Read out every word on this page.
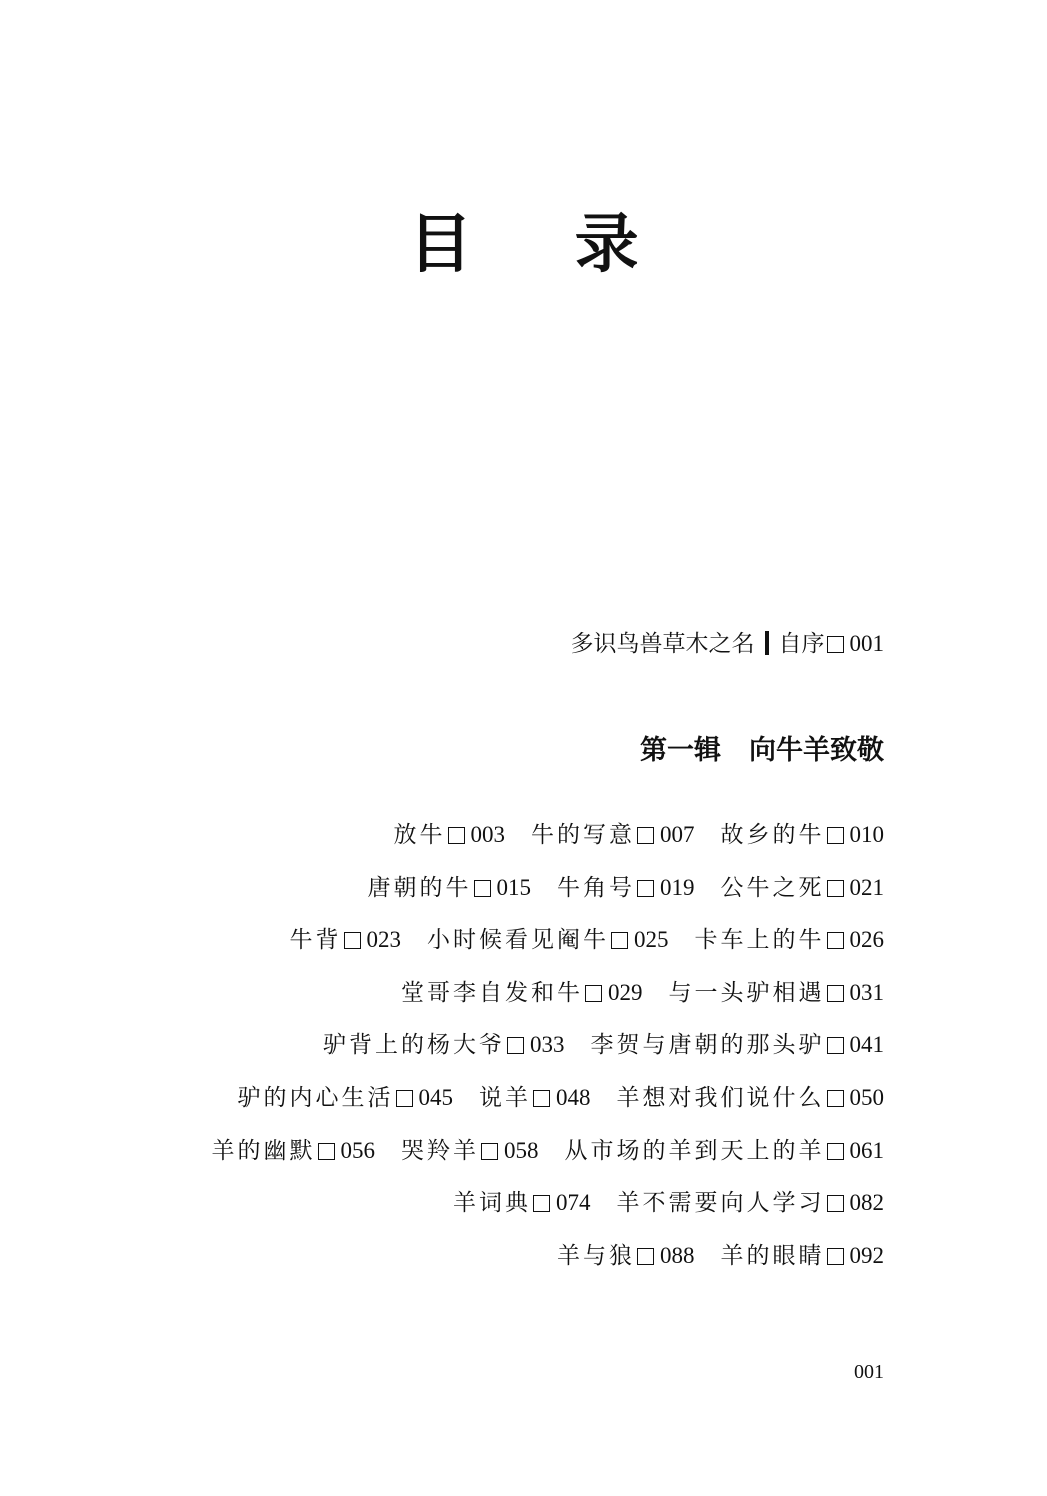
目 录
多识鸟兽草木之名 自序 001
第一辑 向牛羊致敬
放牛 003 牛的写意 007 故乡的牛 010
唐朝的牛 015 牛角号 019 公牛之死 021
牛背 023 小时候看见阉牛 025 卡车上的牛 026
堂哥李自发和牛 029 与一头驴相遇 031
驴背上的杨大爷 033 李贺与唐朝的那头驴 041
驴的内心生活 045 说羊 048 羊想对我们说什么 050
羊的幽默 056 哭羚羊 058 从市场的羊到天上的羊 061
羊词典 074 羊不需要向人学习 082
羊与狼 088 羊的眼睛 092
001
